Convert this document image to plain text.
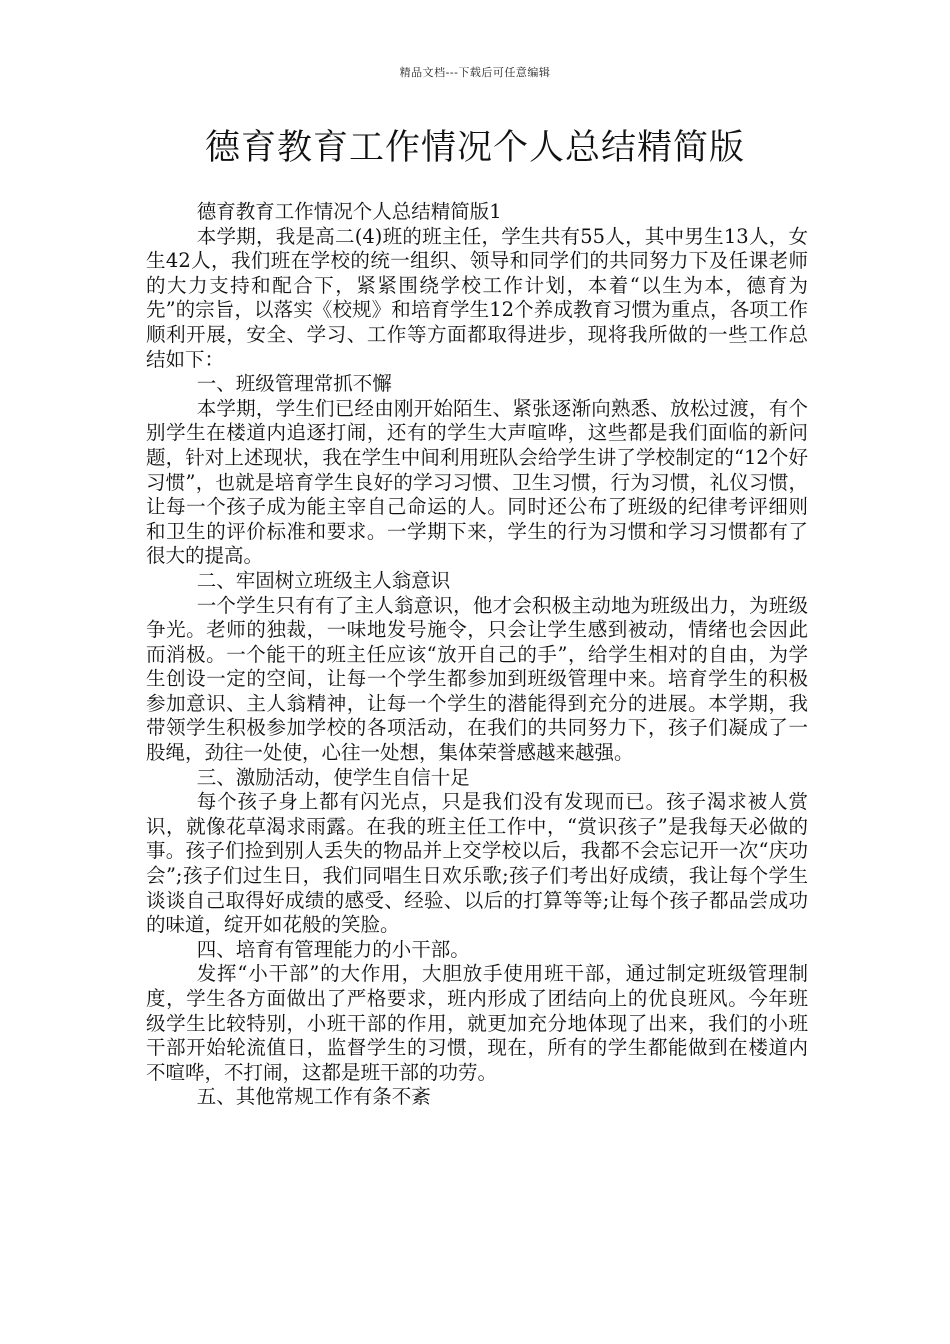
精品文档---下载后可任意编辑
德育教育工作情况个人总结精简版

德育教育工作情况个人总结精简版1

本学期，我是高二(4)班的班主任，学生共有55人，其中男生13人，女生42人，我们班在学校的统一组织、领导和同学们的共同努力下及任课老师的大力支持和配合下，紧紧围绕学校工作计划，本着“以生为本，德育为先”的宗旨，以落实《校规》和培育学生12个养成教育习惯为重点，各项工作顺利开展，安全、学习、工作等方面都取得进步，现将我所做的一些工作总结如下：

一、班级管理常抓不懈

本学期，学生们已经由刚开始陌生、紧张逐渐向熟悉、放松过渡，有个别学生在楼道内追逐打闹，还有的学生大声喧哗，这些都是我们面临的新问题，针对上述现状，我在学生中间利用班队会给学生讲了学校制定的“12个好习惯”，也就是培育学生良好的学习习惯、卫生习惯，行为习惯，礼仪习惯，让每一个孩子成为能主宰自己命运的人。同时还公布了班级的纪律考评细则和卫生的评价标准和要求。一学期下来，学生的行为习惯和学习习惯都有了很大的提高。

二、牢固树立班级主人翁意识

一个学生只有有了主人翁意识，他才会积极主动地为班级出力，为班级争光。老师的独裁，一味地发号施令，只会让学生感到被动，情绪也会因此而消极。一个能干的班主任应该“放开自己的手”，给学生相对的自由，为学生创设一定的空间，让每一个学生都参加到班级管理中来。培育学生的积极参加意识、主人翁精神，让每一个学生的潜能得到充分的进展。本学期，我带领学生积极参加学校的各项活动，在我们的共同努力下，孩子们凝成了一股绳，劲往一处使，心往一处想，集体荣誉感越来越强。

三、激励活动，使学生自信十足

每个孩子身上都有闪光点，只是我们没有发现而已。孩子渴求被人赏识，就像花草渴求雨露。在我的班主任工作中，“赏识孩子”是我每天必做的事。孩子们捡到别人丢失的物品并上交学校以后，我都不会忘记开一次“庆功会”;孩子们过生日，我们同唱生日欢乐歌;孩子们考出好成绩，我让每个学生谈谈自己取得好成绩的感受、经验、以后的打算等等;让每个孩子都品尝成功的味道，绽开如花般的笑脸。

四、培育有管理能力的小干部。

发挥“小干部”的大作用，大胆放手使用班干部，通过制定班级管理制度，学生各方面做出了严格要求，班内形成了团结向上的优良班风。今年班级学生比较特别，小班干部的作用，就更加充分地体现了出来，我们的小班干部开始轮流值日，监督学生的习惯，现在，所有的学生都能做到在楼道内不喧哗，不打闹，这都是班干部的功劳。

五、其他常规工作有条不紊
